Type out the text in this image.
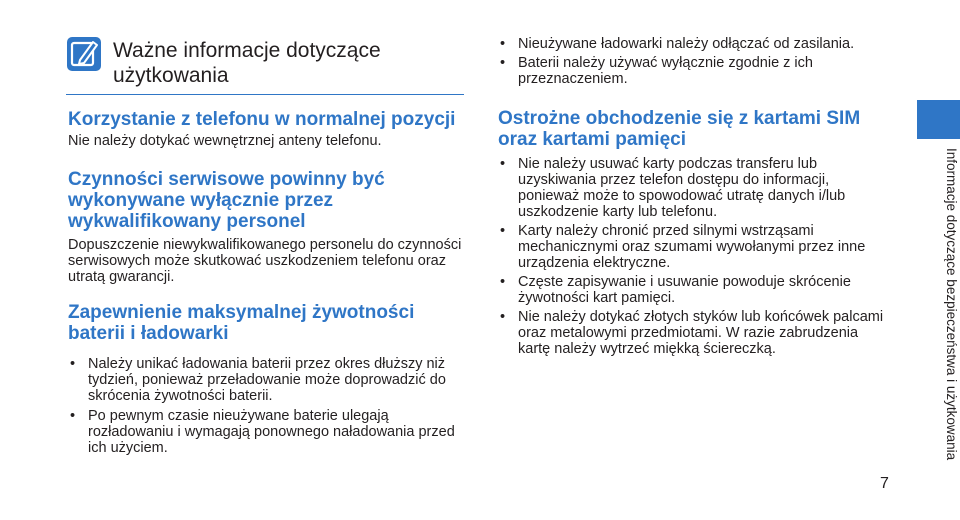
Ważne informacje dotyczące użytkowania
Korzystanie z telefonu w normalnej pozycji

Nie należy dotykać wewnętrznej anteny telefonu.

Czynności serwisowe powinny być wykonywane wyłącznie przez wykwalifikowany personel

Dopuszczenie niewykwalifikowanego personelu do czynności serwisowych może skutkować uszkodzeniem telefonu oraz utratą gwarancji.

Zapewnienie maksymalnej żywotności baterii i ładowarki
• Należy unikać ładowania baterii przez okres dłuższy niż tydzień, ponieważ przeładowanie może doprowadzić do skrócenia żywotności baterii.
• Po pewnym czasie nieużywane baterie ulegają rozładowaniu i wymagają ponownego naładowania przed ich użyciem.
• Nieużywane ładowarki należy odłączać od zasilania.
• Baterii należy używać wyłącznie zgodnie z ich przeznaczeniem.
Ostrożne obchodzenie się z kartami SIM oraz kartami pamięci
• Nie należy usuwać karty podczas transferu lub uzyskiwania przez telefon dostępu do informacji, ponieważ może to spowodować utratę danych i/lub uszkodzenie karty lub telefonu.
• Karty należy chronić przed silnymi wstrząsami mechanicznymi oraz szumami wywołanymi przez inne urządzenia elektryczne.
• Częste zapisywanie i usuwanie powoduje skrócenie żywotności kart pamięci.
• Nie należy dotykać złotych styków lub końcówek palcami oraz metalowymi przedmiotami. W razie zabrudzenia kartę należy wytrzeć miękką ściereczką.	Informacje dotyczące bezpieczeństwa i użytkowania
7
